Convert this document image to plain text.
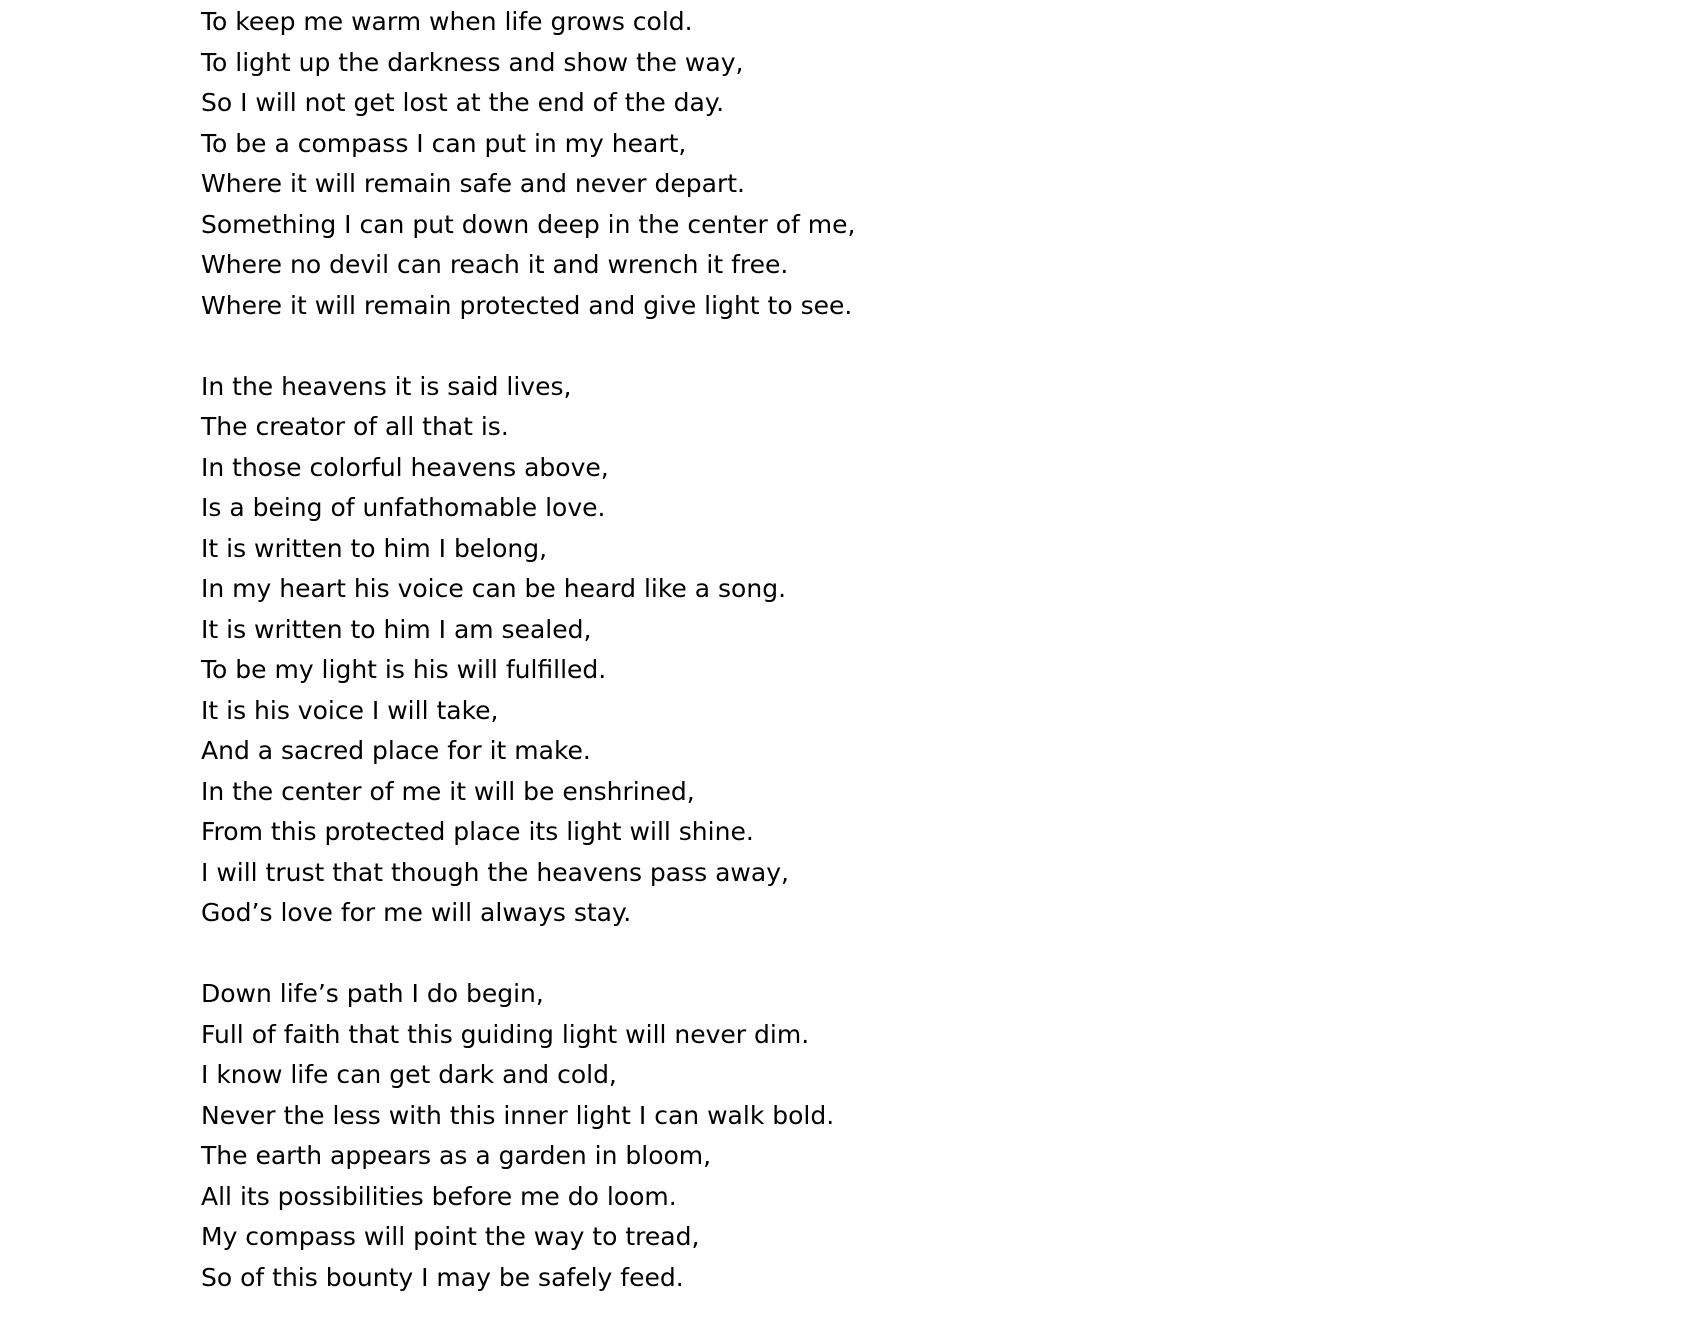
To keep me warm when life grows cold.
To light up the darkness and show the way,
So I will not get lost at the end of the day.
To be a compass I can put in my heart,
Where it will remain safe and never depart.
Something I can put down deep in the center of me,
Where no devil can reach it and wrench it free.
Where it will remain protected and give light to see.
In the heavens it is said lives,
The creator of all that is.
In those colorful heavens above,
Is a being of unfathomable love.
It is written to him I belong,
In my heart his voice can be heard like a song.
It is written to him I am sealed,
To be my light is his will fulfilled.
It is his voice I will take,
And a sacred place for it make.
In the center of me it will be enshrined,
From this protected place its light will shine.
I will trust that though the heavens pass away,
God’s love for me will always stay.
Down life’s path I do begin,
Full of faith that this guiding light will never dim.
I know life can get dark and cold,
Never the less with this inner light I can walk bold.
The earth appears as a garden in bloom,
All its possibilities before me do loom.
My compass will point the way to tread,
So of this bounty I may be safely feed.
